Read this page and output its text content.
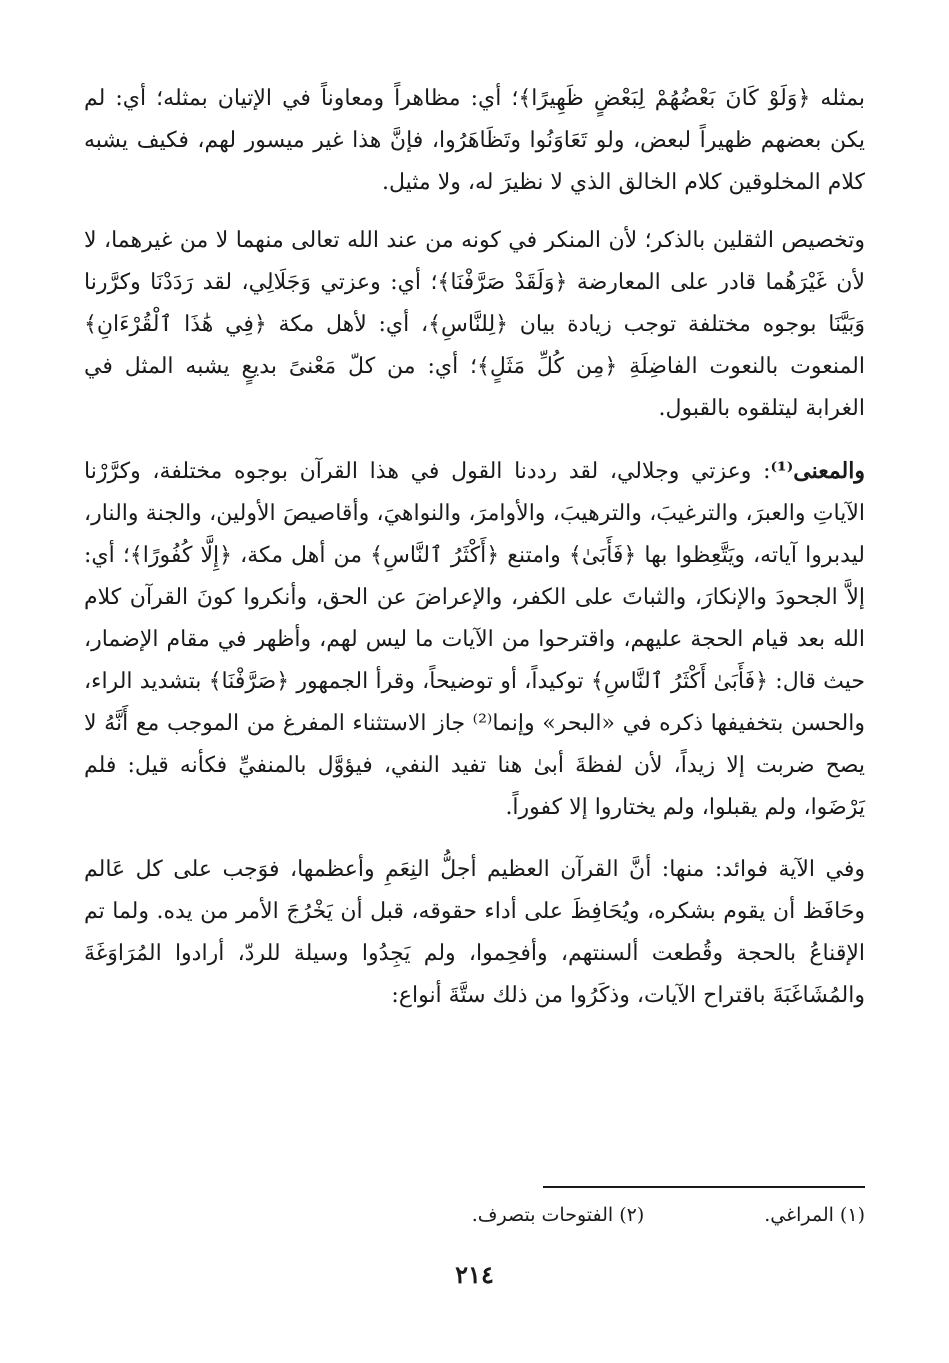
بمثله ﴿وَلَوْ كَانَ بَعْضُهُمْ لِبَعْضٍ ظَهِيرًا﴾؛ أي: مظاهراً ومعاوناً في الإتيان بمثله؛ أي: لم يكن بعضهم ظهيراً لبعض، ولو تَعَاوَنُوا وتَظَاهَرُوا، فإنَّ هذا غير ميسور لهم، فكيف يشبه كلام المخلوقين كلام الخالق الذي لا نظيرَ له، ولا مثيل.

وتخصيص الثقلين بالذكر؛ لأن المنكر في كونه من عند الله تعالى منهما لا من غيرهما، لا لأن غَيْرَهُما قادر على المعارضة ﴿وَلَقَدْ صَرَّفْنَا﴾؛ أي: وعزتي وَجَلَالِي، لقد رَدَدْنَا وكرَّرنا وَبَيَّنَا بوجوه مختلفة توجب زيادة بيان ﴿لِلنَّاسِ﴾، أي: لأهل مكة ﴿فِي هَٰذَا ٱلْقُرْءَانِ﴾ المنعوت بالنعوت الفاضِلَةِ ﴿مِن كُلِّ مَثَلٍ﴾؛ أي: من كلّ مَعْنىً بديعٍ يشبه المثل في الغرابة ليتلقوه بالقبول.

والمعنى⁽¹⁾: وعزتي وجلالي، لقد رددنا القول في هذا القرآن بوجوه مختلفة، وكرَّرْنا الآياتِ والعبرَ، والترغيبَ، والترهيبَ، والأوامرَ، والنواهيَ، وأقاصيصَ الأولين، والجنة والنار، ليدبروا آياته، ويَتَّعِظوا بها ﴿فَأَبَىٰ﴾ وامتنع ﴿أَكْثَرُ ٱلنَّاسِ﴾ من أهل مكة، ﴿إِلَّا كُفُورًا﴾؛ أي: إلاَّ الجحودَ والإنكارَ، والثباتَ على الكفر، والإعراضَ عن الحق، وأنكروا كونَ القرآن كلام الله بعد قيام الحجة عليهم، واقترحوا من الآيات ما ليس لهم، وأظهر في مقام الإضمار، حيث قال: ﴿فَأَبَىٰ أَكْثَرُ ٱلنَّاسِ﴾ توكيداً، أو توضيحاً، وقرأ الجمهور ﴿صَرَّفْنَا﴾ بتشديد الراء، والحسن بتخفيفها ذكره في «البحر» وإنما⁽²⁾ جاز الاستثناء المفرغ من الموجب مع أَنَّهُ لا يصح ضربت إلا زيداً، لأن لفظةَ أبىٰ هنا تفيد النفي، فيؤوَّل بالمنفيِّ فكأنه قيل: فلم يَرْضَوا، ولم يقبلوا، ولم يختاروا إلا كفوراً.

وفي الآية فوائد: منها: أنَّ القرآن العظيم أجلُّ النِعَمِ وأعظمها، فوَجب على كل عَالم وحَافَظ أن يقوم بشكره، ويُحَافِظَ على أداء حقوقه، قبل أن يَخْرُجَ الأمر من يده. ولما تم الإقناعُ بالحجة وقُطعت ألسنتهم، وأفحِموا، ولم يَجِدُوا وسيلة للردّ، أرادوا المُرَاوَغَةَ والمُشَاغَبَةَ باقتراح الآيات، وذكَرُوا من ذلك ستَّةَ أنواع:

(١) المراغي.
(٢) الفتوحات بتصرف.
٢١٤
